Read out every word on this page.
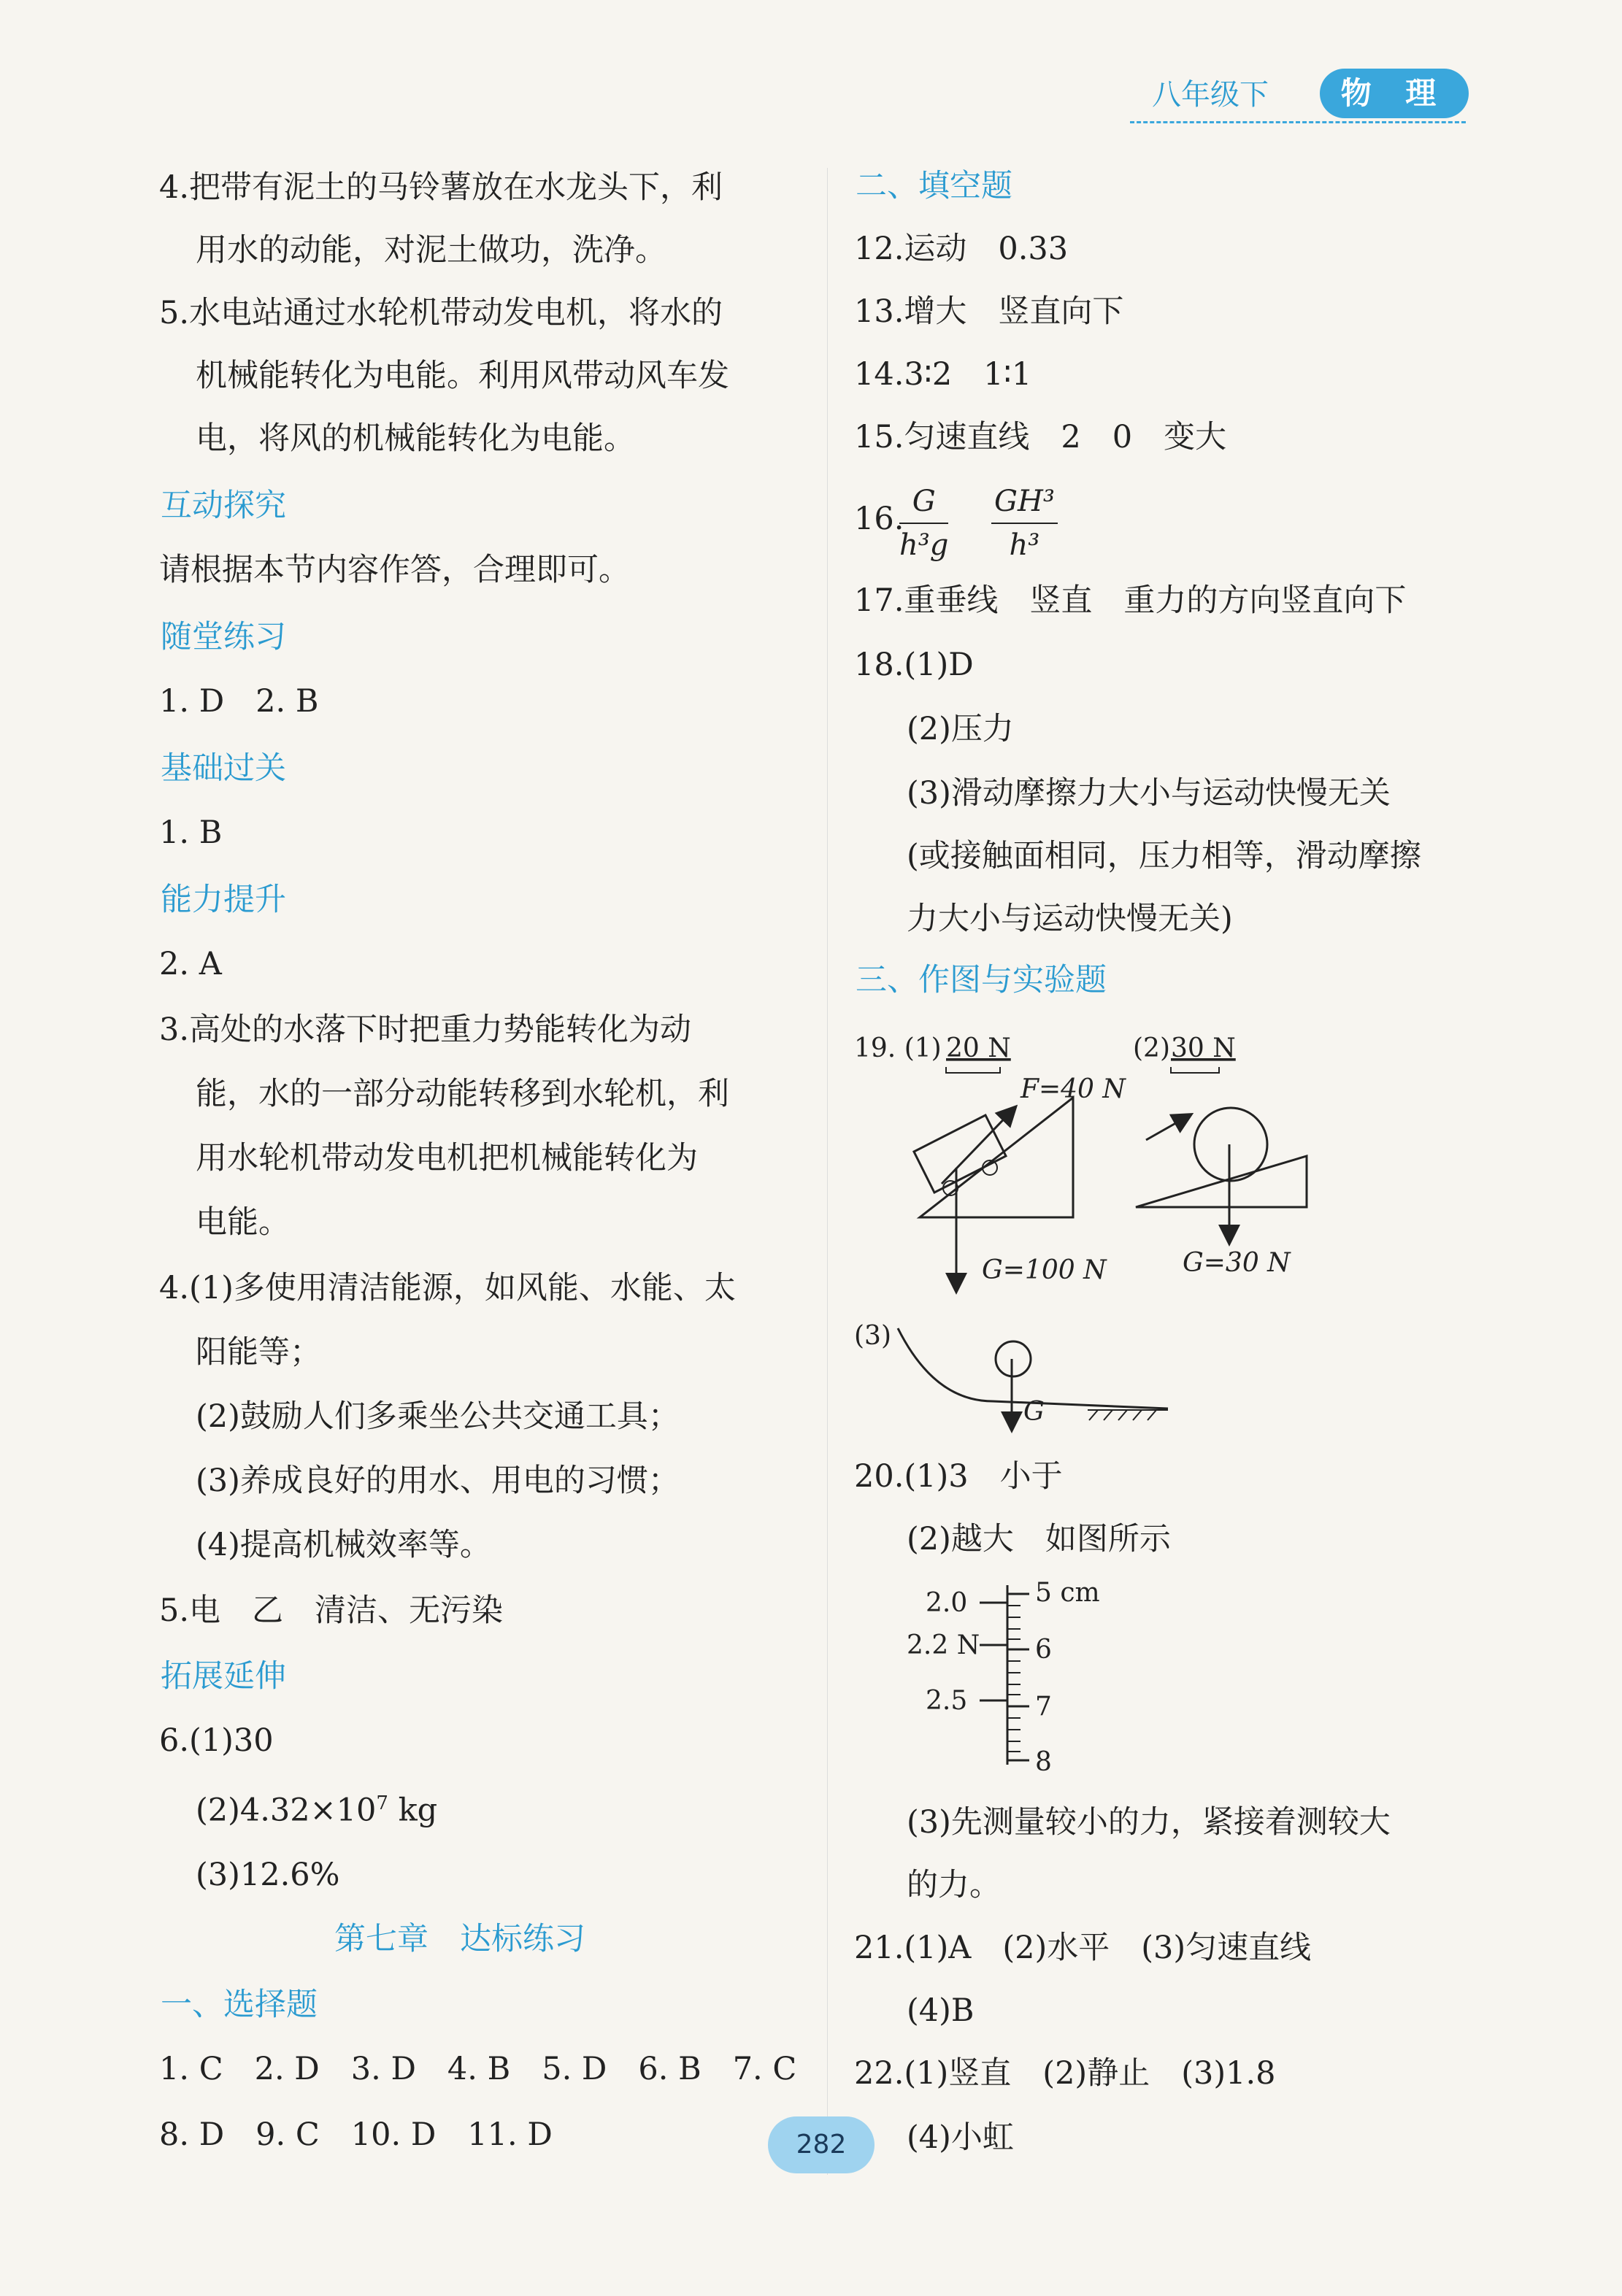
八年级下	物 理
4.把带有泥土的马铃薯放在水龙头下，利
用水的动能，对泥土做功，洗净。
5.水电站通过水轮机带动发电机，将水的
机械能转化为电能。利用风带动风车发
电，将风的机械能转化为电能。
互动探究
请根据本节内容作答，合理即可。
随堂练习
1. D　2. B
基础过关
1. B
能力提升
2. A
3.高处的水落下时把重力势能转化为动
能，水的一部分动能转移到水轮机，利
用水轮机带动发电机把机械能转化为
电能。
4.(1)多使用清洁能源，如风能、水能、太
阳能等；
(2)鼓励人们多乘坐公共交通工具；
(3)养成良好的用水、用电的习惯；
(4)提高机械效率等。
5.电　乙　清洁、无污染
拓展延伸
6.(1)30
$(2)4.32\times 10^7$ kg
(3)12.6%
第七章　达标练习
一、选择题
1. C　2. D　3. D　4. B　5. D　6. B　7. C
8. D　9. C　10. D　11. D
二、填空题
12.运动　0.33
13.增大　竖直向下
14.3∶2　1∶1
15.匀速直线　2　0　变大
16.
$\frac{G}{\text{h³g}} \frac{\text{GH³}}{\text{h³}}$
17.重垂线　竖直　重力的方向竖直向下
18.(1)D
(2)压力
(3)滑动摩擦力大小与运动快慢无关
(或接触面相同，压力相等，滑动摩擦
力大小与运动快慢无关)
三、作图与实验题
19. (1) 20 N
F=40 N
G=100 N
(3)
G
(2) 30 N
G=30 N
20.(1)3　小于
(2)越大　如图所示
2.0
2.2 N
2.5
5 cm
6
7
8
(3)先测量较小的力，紧接着测较大
的力。
21.(1)A　(2)水平　(3)匀速直线
(4)B
22.(1)竖直　(2)静止　(3)1.8
(4)小虹
282
